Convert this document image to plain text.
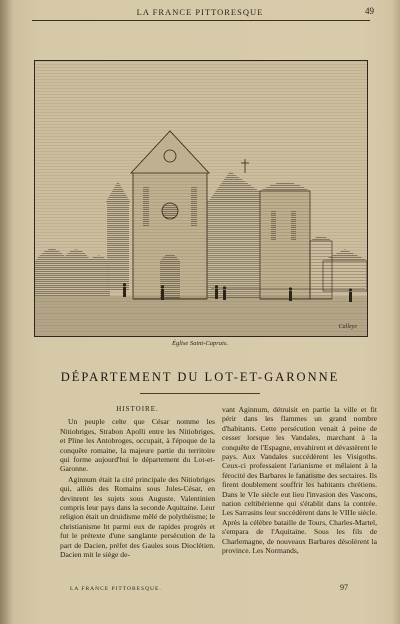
LA FRANCE PITTORESQUE	49
Calleye
Église Saint-Caprais.
DÉPARTEMENT DU LOT-ET-GARONNE
HISTOIRE.

Un peuple celte que César nomme les Nitiobriges, Strabon Apolli entre les Nitiobriges, et Pline les Antobroges, occupait, à l'époque de la conquête romaine, la majeure partie du territoire qui forme aujourd'hui le département du Lot-et-Garonne.

Aginnum était la cité principale des Nitiobriges qui, alliés des Romains sous Jules-César, en devinrent les sujets sous Auguste. Valentinien compris leur pays dans la seconde Aquitaine. Leur religion était un druidisme mêlé de polythéisme; le christianisme ht parmi eux de rapides progrès et fut le prétexte d'une sanglante persécution de la part de Dacien, préfet des Gaules sous Dioclétien. Dacien mit le siège de-

vant Aginnum, détruisit en partie la ville et fit périr dans les flammes un grand nombre d'habitants. Cette persécution venait à peine de cesser lorsque les Vandales, marchant à la conquête de l'Espagne, envahirent et dévastèrent le pays. Aux Vandales succédèrent les Visigoths. Ceux-ci professaient l'arianisme et mêlaient à la férocité des Barbares le fanatisme des sectaires. Ils firent doublement souffrir les habitants chrétiens. Dans le VIe siècle eut lieu l'invasion des Vascons, nation celtibérienne qui s'établit dans la contrée. Les Sarrasins leur succédèrent dans le VIIIe siècle. Après la célèbre bataille de Tours, Charles-Martel, s'empara de l'Aquitaine. Sous les fils de Charlemagne, de nouveaux Barbares désolèrent la province. Les Normands,

LA FRANCE PITTORESQUE.	97
